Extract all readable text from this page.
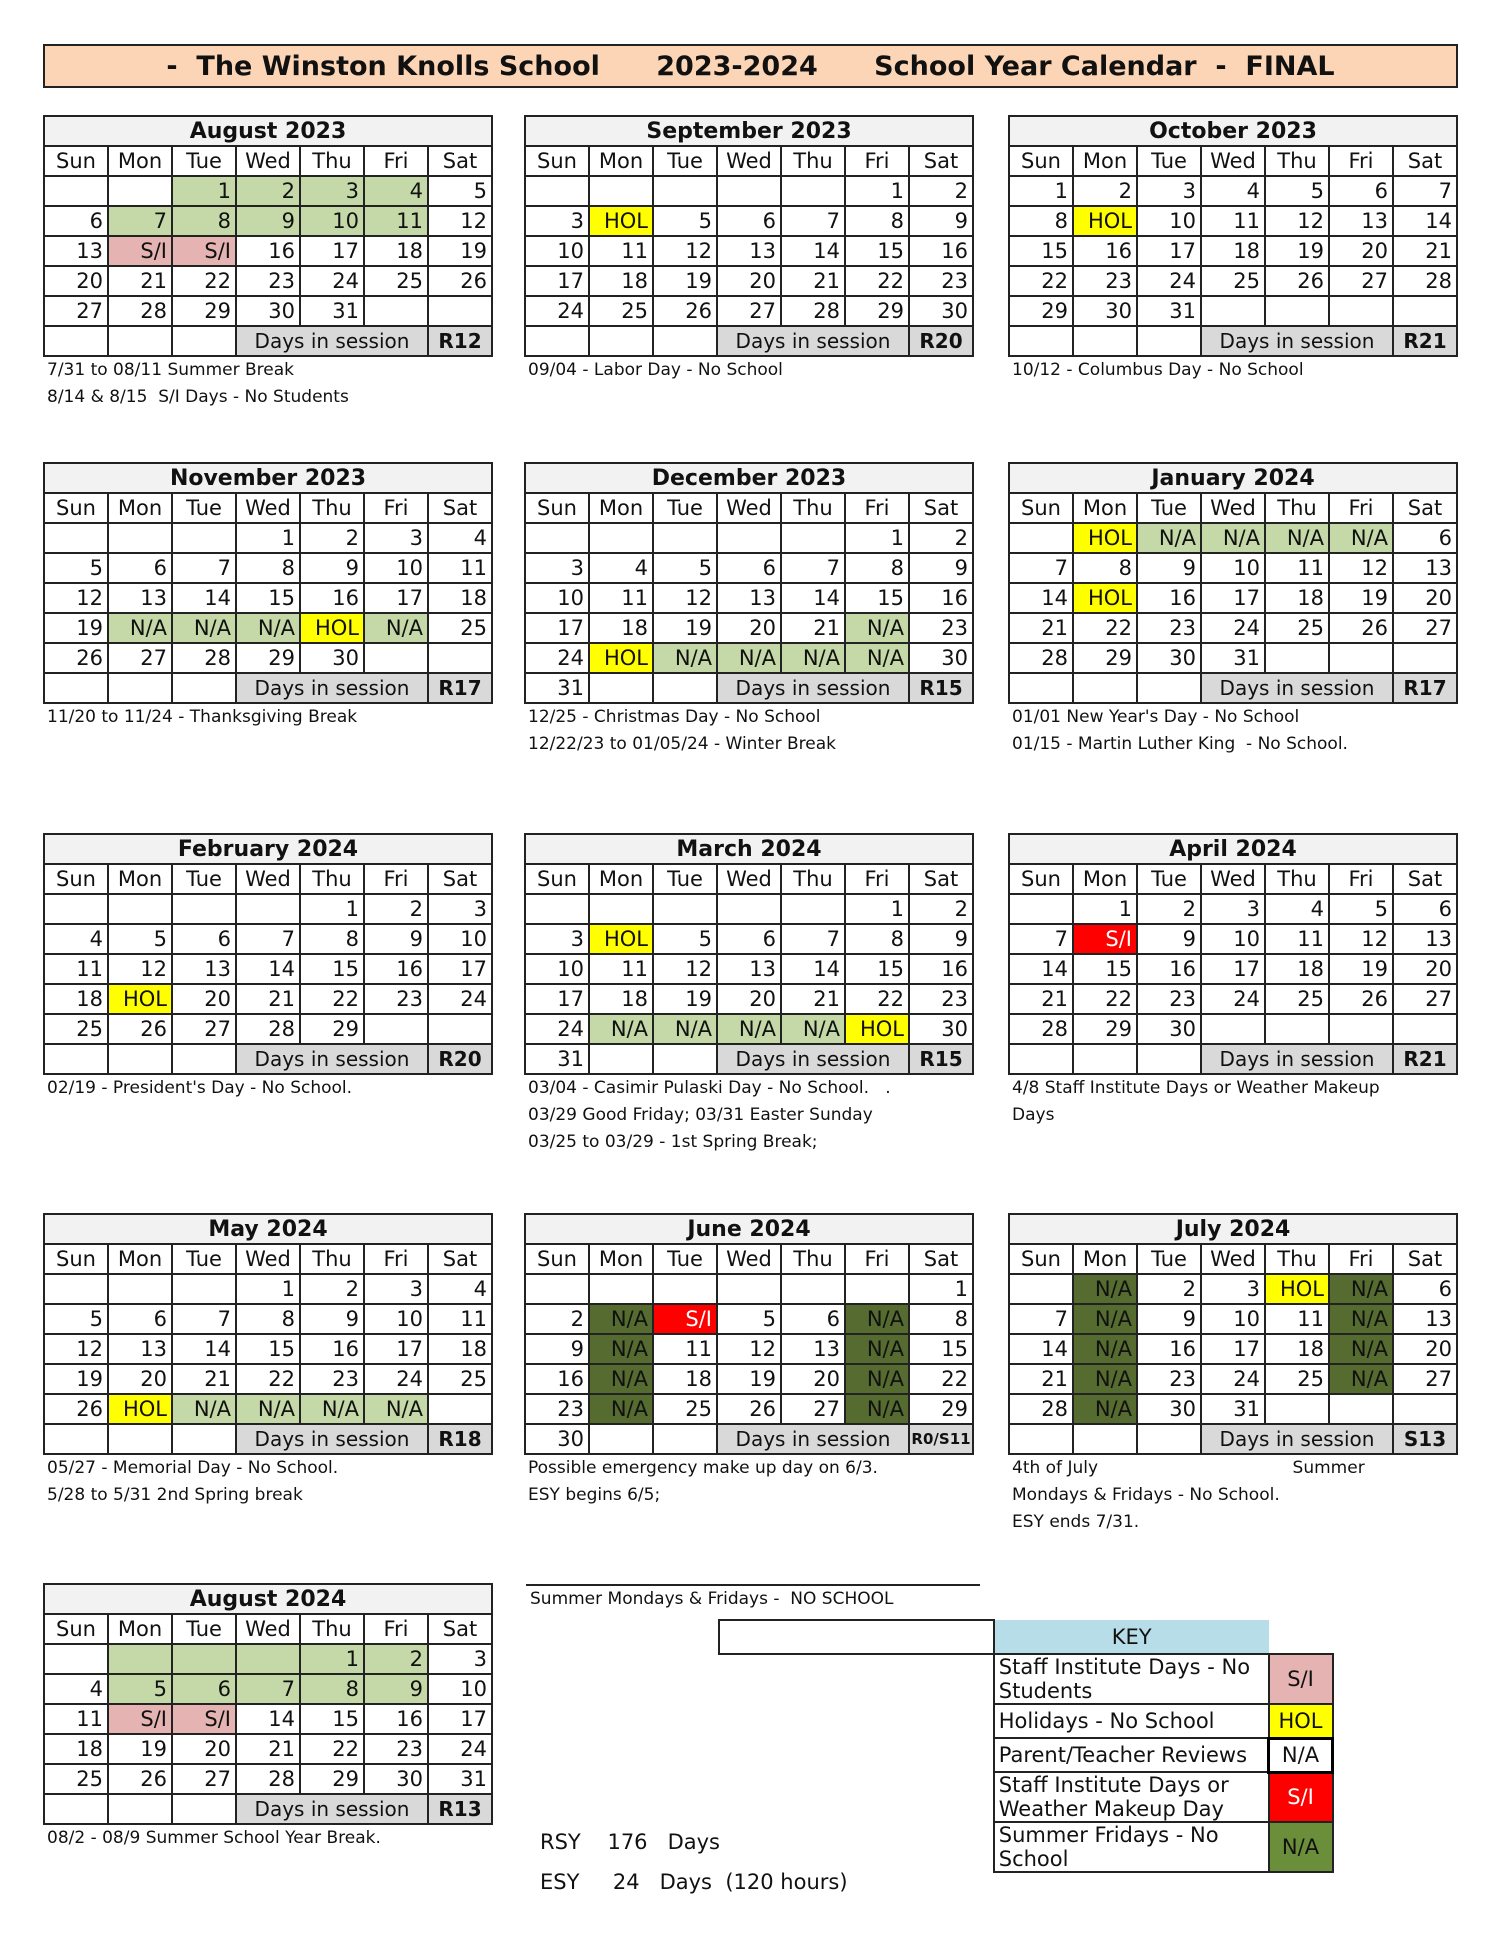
-  The Winston Knolls School      2023-2024      School Year Calendar  -  FINAL
August 2023						
Sun	Mon	Tue	Wed	Thu	Fri	Sat
		1	2	3	4	5
6	7	8	9	10	11	12
13	S/I	S/I	16	17	18	19
20	21	22	23	24	25	26
27	28	29	30	31		
			Days in session			R12
7/31 to 08/11 Summer Break
8/14 & 8/15  S/I Days - No Students
September 2023						
Sun	Mon	Tue	Wed	Thu	Fri	Sat
					1	2
3	HOL	5	6	7	8	9
10	11	12	13	14	15	16
17	18	19	20	21	22	23
24	25	26	27	28	29	30
			Days in session			R20
09/04 - Labor Day - No School
October 2023						
Sun	Mon	Tue	Wed	Thu	Fri	Sat
1	2	3	4	5	6	7
8	HOL	10	11	12	13	14
15	16	17	18	19	20	21
22	23	24	25	26	27	28
29	30	31				
			Days in session			R21
10/12 - Columbus Day - No School
November 2023						
Sun	Mon	Tue	Wed	Thu	Fri	Sat
			1	2	3	4
5	6	7	8	9	10	11
12	13	14	15	16	17	18
19	N/A	N/A	N/A	HOL	N/A	25
26	27	28	29	30		
			Days in session			R17
11/20 to 11/24 - Thanksgiving Break
December 2023						
Sun	Mon	Tue	Wed	Thu	Fri	Sat
					1	2
3	4	5	6	7	8	9
10	11	12	13	14	15	16
17	18	19	20	21	N/A	23
24	HOL	N/A	N/A	N/A	N/A	30
31			Days in session			R15
12/25 - Christmas Day - No School
12/22/23 to 01/05/24 - Winter Break
January 2024						
Sun	Mon	Tue	Wed	Thu	Fri	Sat
	HOL	N/A	N/A	N/A	N/A	6
7	8	9	10	11	12	13
14	HOL	16	17	18	19	20
21	22	23	24	25	26	27
28	29	30	31			
			Days in session			R17
01/01 New Year's Day - No School
01/15 - Martin Luther King  - No School.
February 2024						
Sun	Mon	Tue	Wed	Thu	Fri	Sat
				1	2	3
4	5	6	7	8	9	10
11	12	13	14	15	16	17
18	HOL	20	21	22	23	24
25	26	27	28	29		
			Days in session			R20
02/19 - President's Day - No School.
March 2024						
Sun	Mon	Tue	Wed	Thu	Fri	Sat
					1	2
3	HOL	5	6	7	8	9
10	11	12	13	14	15	16
17	18	19	20	21	22	23
24	N/A	N/A	N/A	N/A	HOL	30
31			Days in session			R15
03/04 - Casimir Pulaski Day - No School.   .
03/29 Good Friday; 03/31 Easter Sunday
03/25 to 03/29 - 1st Spring Break;
April 2024						
Sun	Mon	Tue	Wed	Thu	Fri	Sat
	1	2	3	4	5	6
7	S/I	9	10	11	12	13
14	15	16	17	18	19	20
21	22	23	24	25	26	27
28	29	30				
			Days in session			R21
4/8 Staff Institute Days or Weather Makeup
Days
May 2024						
Sun	Mon	Tue	Wed	Thu	Fri	Sat
			1	2	3	4
5	6	7	8	9	10	11
12	13	14	15	16	17	18
19	20	21	22	23	24	25
26	HOL	N/A	N/A	N/A	N/A	
			Days in session			R18
05/27 - Memorial Day - No School.
5/28 to 5/31 2nd Spring break
June 2024						
Sun	Mon	Tue	Wed	Thu	Fri	Sat
						1
2	N/A	S/I	5	6	N/A	8
9	N/A	11	12	13	N/A	15
16	N/A	18	19	20	N/A	22
23	N/A	25	26	27	N/A	29
30			Days in session			R0/S11
Possible emergency make up day on 6/3.
ESY begins 6/5;
July 2024						
Sun	Mon	Tue	Wed	Thu	Fri	Sat
	N/A	2	3	HOL	N/A	6
7	N/A	9	10	11	N/A	13
14	N/A	16	17	18	N/A	20
21	N/A	23	24	25	N/A	27
28	N/A	30	31			
			Days in session			S13
4th of July                                    Summer
Mondays & Fridays - No School.
ESY ends 7/31.
August 2024						
Sun	Mon	Tue	Wed	Thu	Fri	Sat
				1	2	3
4	5	6	7	8	9	10
11	S/I	S/I	14	15	16	17
18	19	20	21	22	23	24
25	26	27	28	29	30	31
			Days in session			R13
08/2 - 08/9 Summer School Year Break.
Summer Mondays & Fridays -  NO SCHOOL
	KEY	
	Staff Institute Days - No Students	S/I
	Holidays - No School	HOL
	Parent/Teacher Reviews	N/A
	Staff Institute Days or Weather Makeup Day	S/I
	Summer Fridays - No School	N/A
RSY 176 Days
ESY 24 Days  (120 hours)
